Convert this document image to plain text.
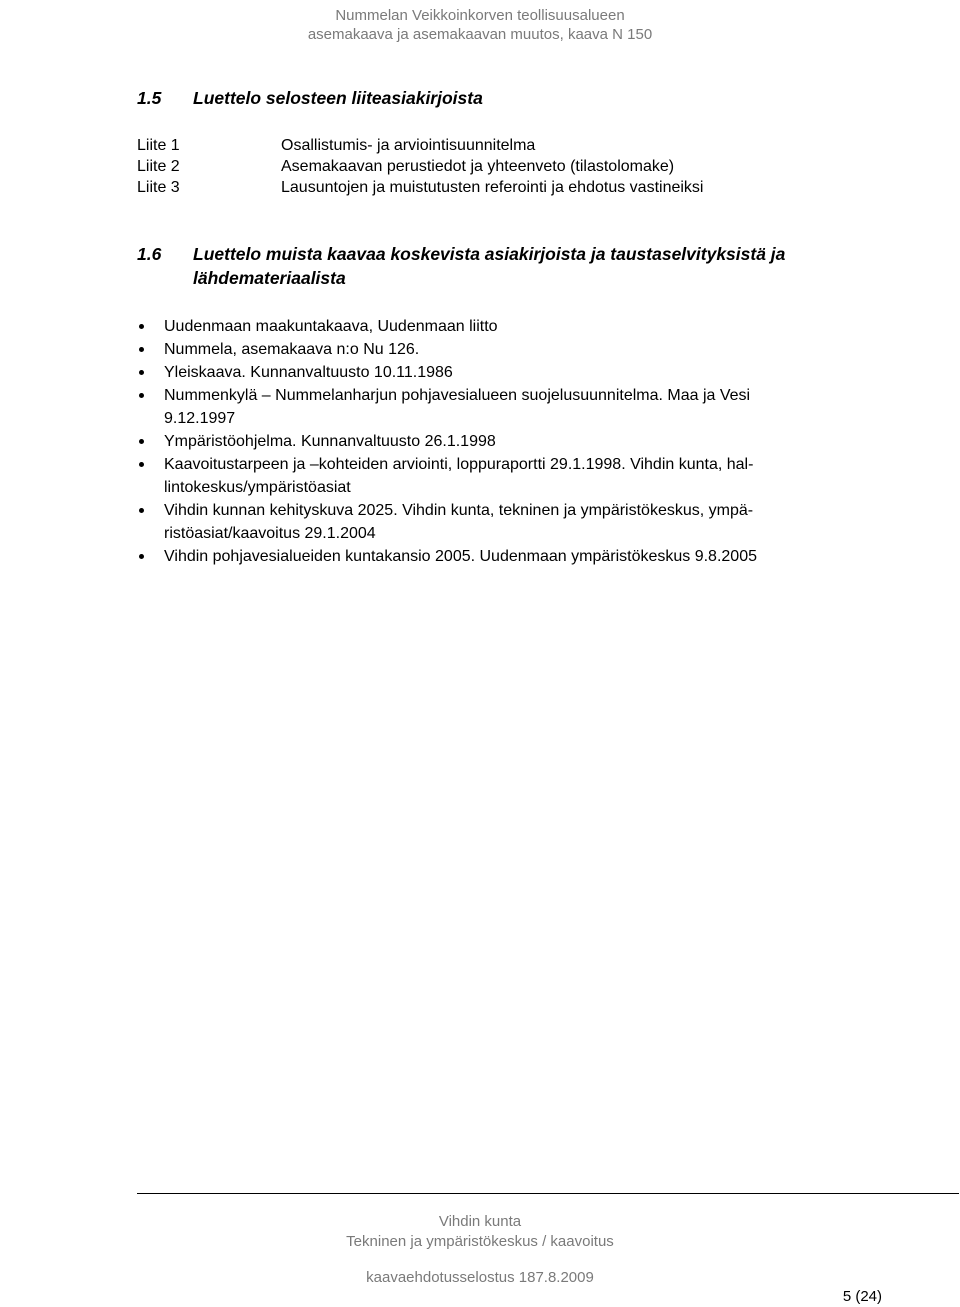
Nummelan Veikkoinkorven teollisuusalueen
asemakaava ja asemakaavan muutos, kaava N 150
1.5 Luettelo selosteen liiteasiakirjoista
Liite 1	Osallistumis- ja arviointisuunnitelma
Liite 2	Asemakaavan perustiedot ja yhteenveto (tilastolomake)
Liite 3	Lausuntojen ja muistutusten referointi ja ehdotus vastineiksi
1.6 Luettelo muista kaavaa koskevista asiakirjoista ja taustaselvityksistä ja
lähdemateriaalista
Uudenmaan maakuntakaava, Uudenmaan liitto
Nummela, asemakaava n:o Nu 126.
Yleiskaava. Kunnanvaltuusto 10.11.1986
Nummenkylä – Nummelanharjun pohjavesialueen suojelusuunnitelma. Maa ja Vesi
9.12.1997
Ympäristöohjelma. Kunnanvaltuusto 26.1.1998
Kaavoitustarpeen ja –kohteiden arviointi, loppuraportti 29.1.1998. Vihdin kunta, hal-
lintokeskus/ympäristöasiat
Vihdin kunnan kehityskuva 2025. Vihdin kunta, tekninen ja ympäristökeskus, ympä-
ristöasiat/kaavoitus 29.1.2004
Vihdin pohjavesialueiden kuntakansio 2005. Uudenmaan ympäristökeskus 9.8.2005
Vihdin kunta
Tekninen ja ympäristökeskus / kaavoitus
kaavaehdotusselostus 187.8.2009
5 (24)
